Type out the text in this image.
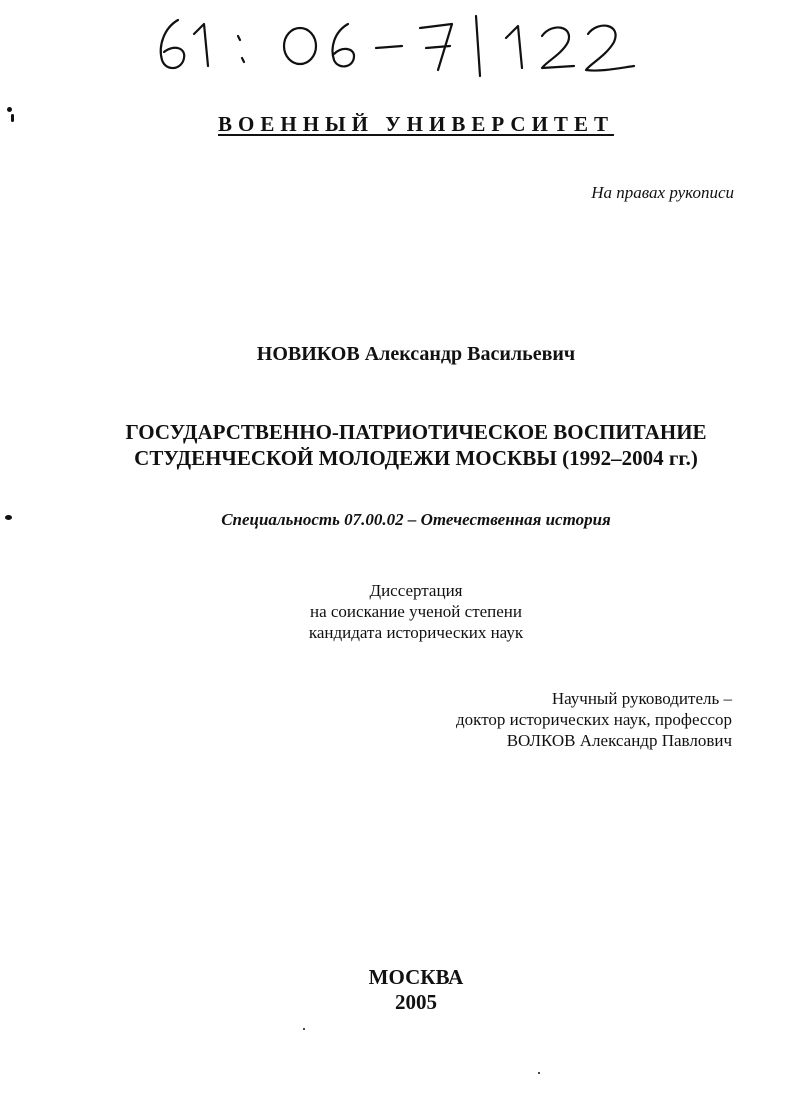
ВОЕННЫЙ УНИВЕРСИТЕТ
На правах рукописи
НОВИКОВ Александр Васильевич
ГОСУДАРСТВЕННО-ПАТРИОТИЧЕСКОЕ ВОСПИТАНИЕ
СТУДЕНЧЕСКОЙ МОЛОДЕЖИ МОСКВЫ (1992–2004 гг.)
Специальность 07.00.02 – Отечественная история
Диссертация
на соискание ученой степени
кандидата исторических наук
Научный руководитель –
доктор исторических наук, профессор
ВОЛКОВ Александр Павлович
МОСКВА
2005
